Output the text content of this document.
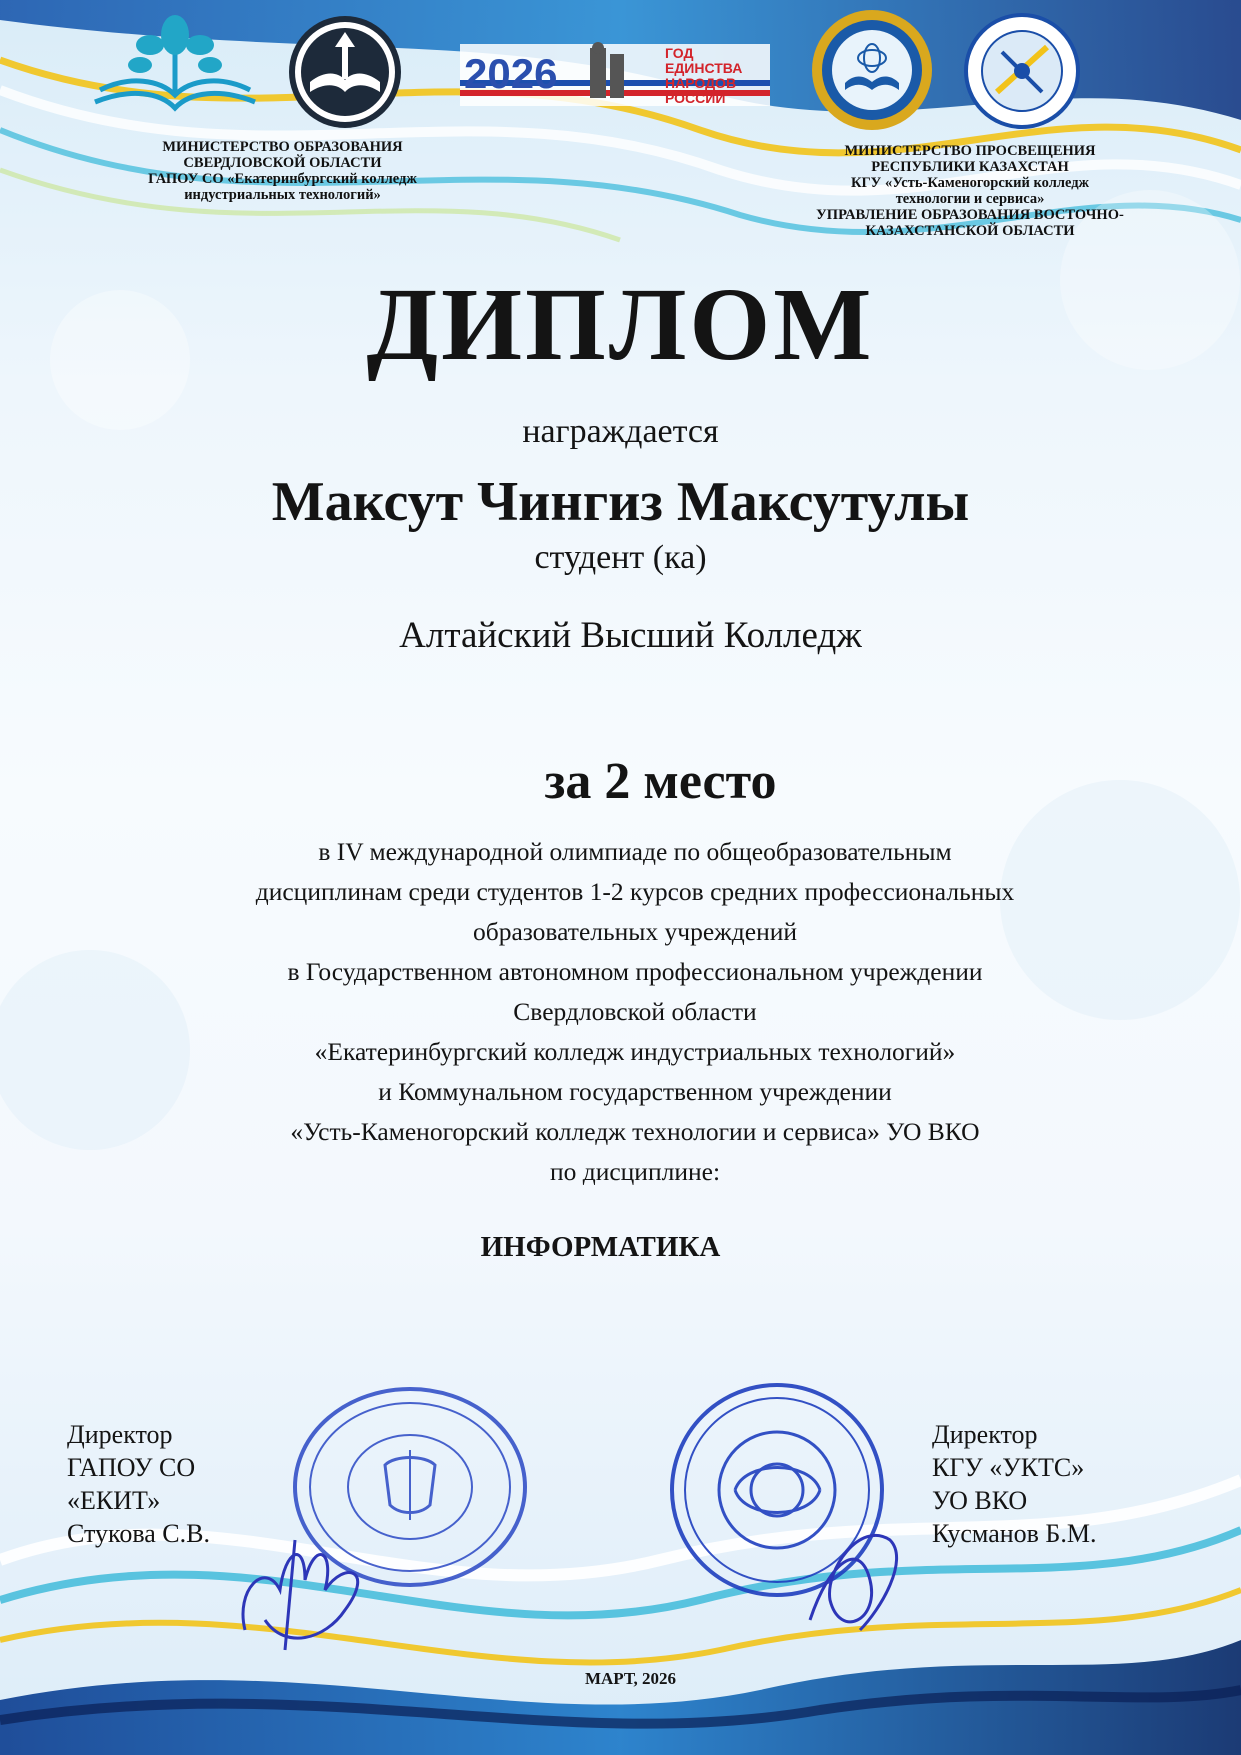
2026	ГОД
ЕДИНСТВА
НАРОДОВ
РОССИИ
МИНИСТЕРСТВО ОБРАЗОВАНИЯ
СВЕРДЛОВСКОЙ ОБЛАСТИ
ГАПОУ СО «Екатеринбургский колледж
индустриальных технологий»
МИНИСТЕРСТВО ПРОСВЕЩЕНИЯ
РЕСПУБЛИКИ КАЗАХСТАН
КГУ «Усть-Каменогорский колледж
технологии и сервиса»
УПРАВЛЕНИЕ ОБРАЗОВАНИЯ ВОСТОЧНО-
КАЗАХСТАНСКОЙ ОБЛАСТИ
ДИПЛОМ
награждается
Максут Чингиз Максутулы
студент (ка)
Алтайский Высший Колледж
за 2 место
в IV международной олимпиаде по общеобразовательным
дисциплинам среди студентов 1-2 курсов средних профессиональных
образовательных учреждений
в Государственном автономном профессиональном учреждении
Свердловской области
«Екатеринбургский колледж индустриальных технологий»
и Коммунальном государственном учреждении
«Усть-Каменогорский колледж технологии и сервиса» УО ВКО
по дисциплине:
ИНФОРМАТИКА
Директор
ГАПОУ СО
«ЕКИТ»
Стукова С.В.
Директор
КГУ «УКТС»
УО ВКО
Кусманов Б.М.
МАРТ, 2026
